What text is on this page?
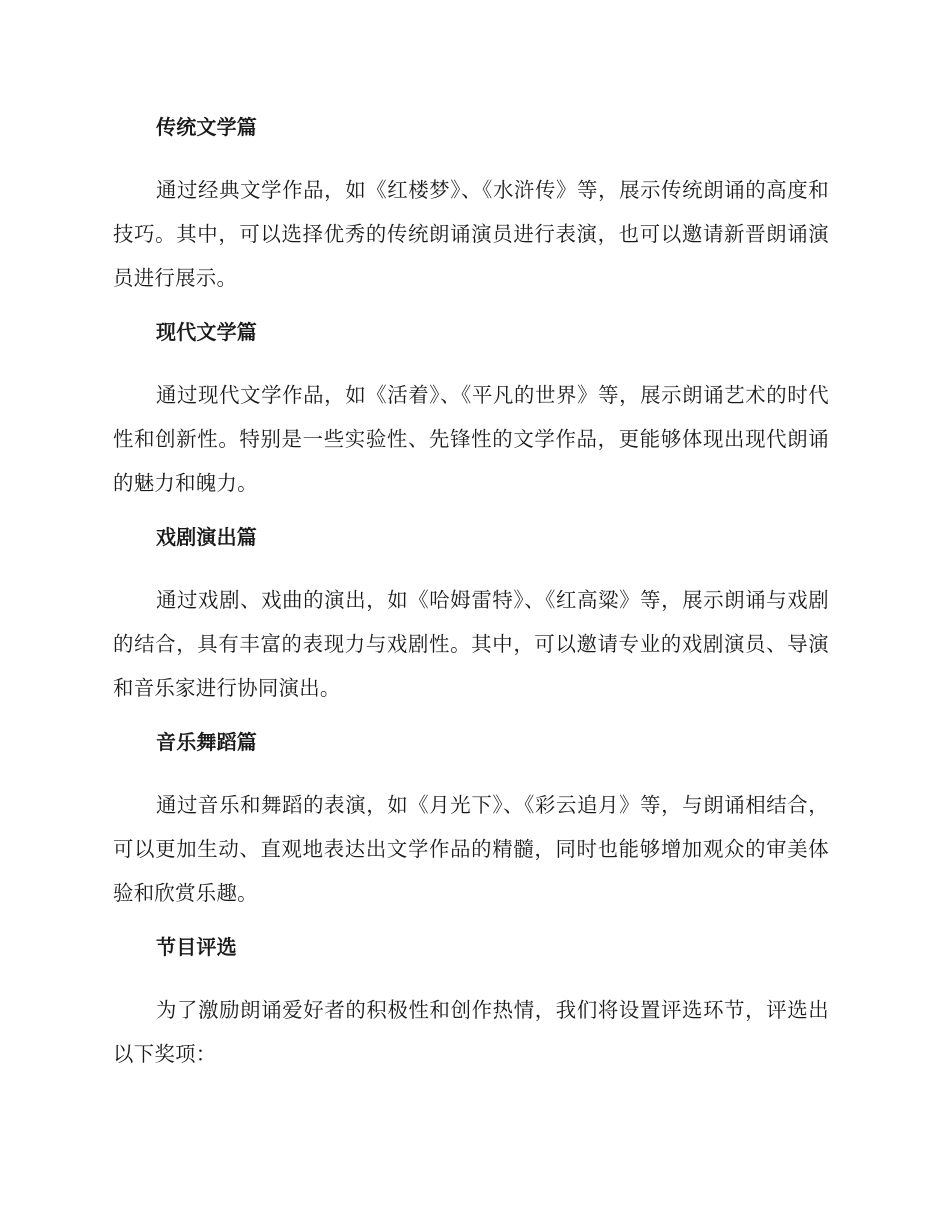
传统文学篇

通过经典文学作品，如《红楼梦》、《水浒传》等，展示传统朗诵的高度和技巧。其中，可以选择优秀的传统朗诵演员进行表演，也可以邀请新晋朗诵演员进行展示。

现代文学篇

通过现代文学作品，如《活着》、《平凡的世界》等，展示朗诵艺术的时代性和创新性。特别是一些实验性、先锋性的文学作品，更能够体现出现代朗诵的魅力和魄力。

戏剧演出篇

通过戏剧、戏曲的演出，如《哈姆雷特》、《红高粱》等，展示朗诵与戏剧的结合，具有丰富的表现力与戏剧性。其中，可以邀请专业的戏剧演员、导演和音乐家进行协同演出。

音乐舞蹈篇

通过音乐和舞蹈的表演，如《月光下》、《彩云追月》等，与朗诵相结合，可以更加生动、直观地表达出文学作品的精髓，同时也能够增加观众的审美体验和欣赏乐趣。

节目评选

为了激励朗诵爱好者的积极性和创作热情，我们将设置评选环节，评选出以下奖项：
